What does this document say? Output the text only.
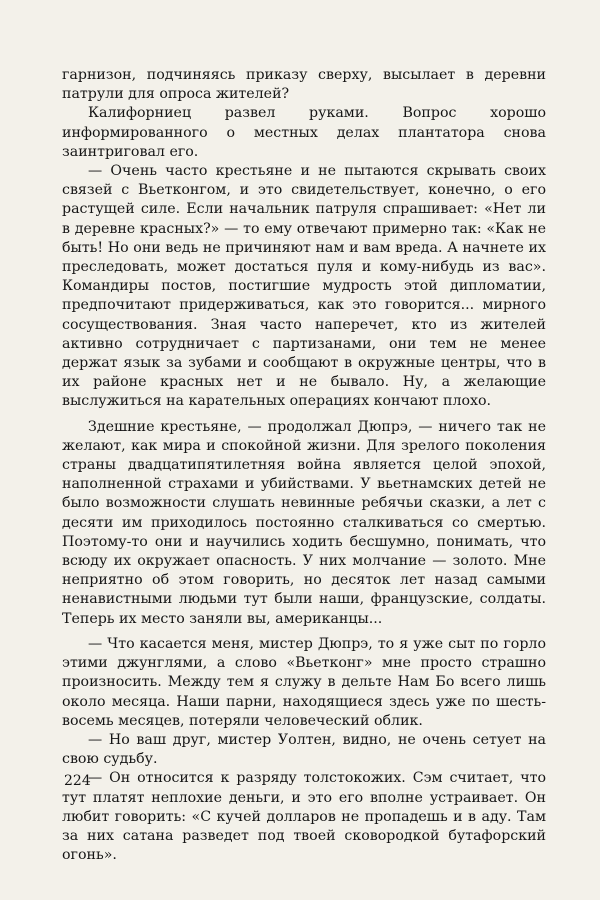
гарнизон, подчиняясь приказу сверху, высылает в деревни патрули для опроса жителей?

Калифорниец развел руками. Вопрос хорошо информированного о местных делах плантатора снова заинтриговал его.

— Очень часто крестьяне и не пытаются скрывать своих связей с Вьетконгом, и это свидетельствует, конечно, о его растущей силе. Если начальник патруля спрашивает: «Нет ли в деревне красных?» — то ему отвечают примерно так: «Как не быть! Но они ведь не причиняют нам и вам вреда. А начнете их преследовать, может достаться пуля и кому-нибудь из вас». Командиры постов, постигшие мудрость этой дипломатии, предпочитают придерживаться, как это говорится... мирного сосуществования. Зная часто наперечет, кто из жителей активно сотрудничает с партизанами, они тем не менее держат язык за зубами и сообщают в окружные центры, что в их районе красных нет и не бывало. Ну, а желающие выслужиться на карательных операциях кончают плохо.

Здешние крестьяне, — продолжал Дюпрэ, — ничего так не желают, как мира и спокойной жизни. Для зрелого поколения страны двадцатипятилетняя война является целой эпохой, наполненной страхами и убийствами. У вьетнамских детей не было возможности слушать невинные ребячьи сказки, а лет с десяти им приходилось постоянно сталкиваться со смертью. Поэтому-то они и научились ходить бесшумно, понимать, что всюду их окружает опасность. У них молчание — золото. Мне неприятно об этом говорить, но десяток лет назад самыми ненавистными людьми тут были наши, французские, солдаты. Теперь их место заняли вы, американцы...

— Что касается меня, мистер Дюпрэ, то я уже сыт по горло этими джунглями, а слово «Вьетконг» мне просто страшно произносить. Между тем я служу в дельте Нам Бо всего лишь около месяца. Наши парни, находящиеся здесь уже по шесть-восемь месяцев, потеряли человеческий облик.

— Но ваш друг, мистер Уолтен, видно, не очень сетует на свою судьбу.

— Он относится к разряду толстокожих. Сэм считает, что тут платят неплохие деньги, и это его вполне устраивает. Он любит говорить: «С кучей долларов не пропадешь и в аду. Там за них сатана разведет под твоей сковородкой бутафорский огонь».

224
